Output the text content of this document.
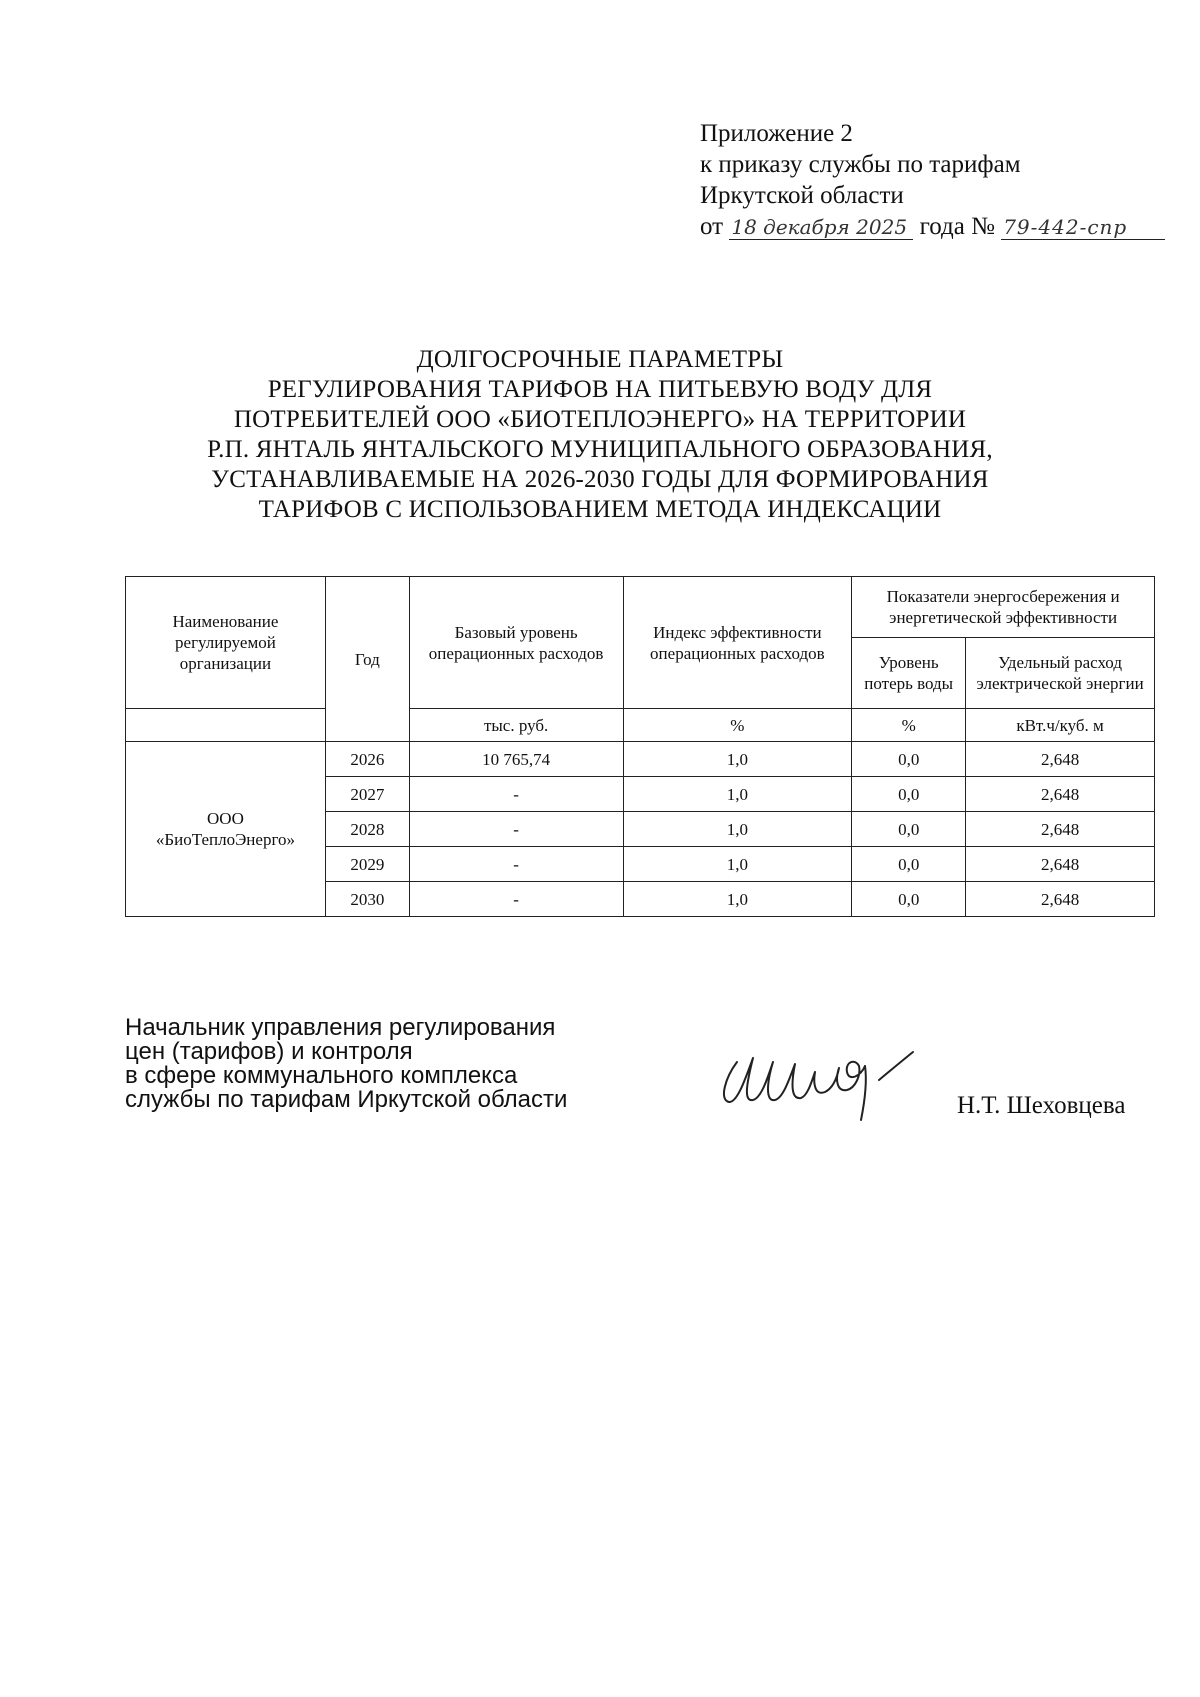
Приложение 2
к приказу службы по тарифам
Иркутской области
от 18 декабря 2025 года № 79-442-спр
ДОЛГОСРОЧНЫЕ ПАРАМЕТРЫ
РЕГУЛИРОВАНИЯ ТАРИФОВ НА ПИТЬЕВУЮ ВОДУ ДЛЯ
ПОТРЕБИТЕЛЕЙ ООО «БИОТЕПЛОЭНЕРГО» НА ТЕРРИТОРИИ
Р.П. ЯНТАЛЬ ЯНТАЛЬСКОГО МУНИЦИПАЛЬНОГО ОБРАЗОВАНИЯ,
УСТАНАВЛИВАЕМЫЕ НА 2026-2030 ГОДЫ ДЛЯ ФОРМИРОВАНИЯ
ТАРИФОВ С ИСПОЛЬЗОВАНИЕМ МЕТОДА ИНДЕКСАЦИИ
Наименование регулируемой организации	Год	Базовый уровень операционных расходов	Индекс эффективности операционных расходов	Показатели энергосбережения и энергетической эффективности	
				Уровень потерь воды	Удельный расход электрической энергии
		тыс. руб.	%	%	кВт.ч/куб. м

ООО
«БиоТеплоЭнерго»	2026	10 765,74	1,0	0,0	2,648
	2027	-	1,0	0,0	2,648
	2028	-	1,0	0,0	2,648
	2029	-	1,0	0,0	2,648
	2030	-	1,0	0,0	2,648
Начальник управления регулирования
цен (тарифов) и контроля
в сфере коммунального комплекса
службы по тарифам Иркутской области	Н.Т. Шеховцева
